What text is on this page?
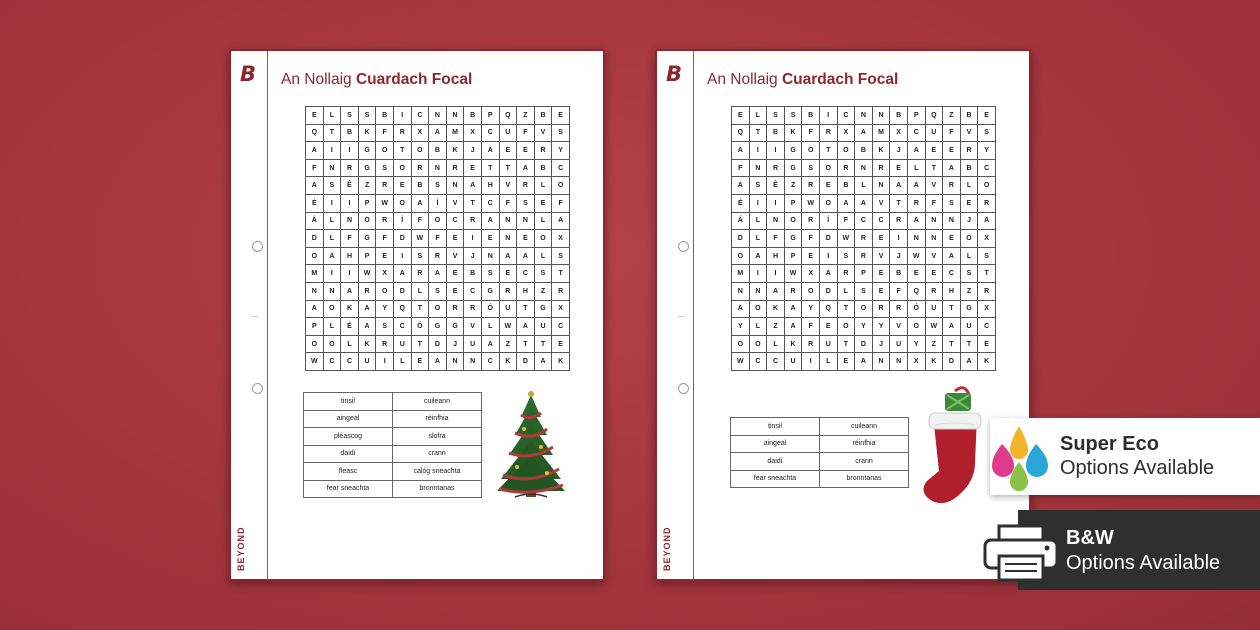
B
BEYOND
An Nollaig Cuardach Focal
E	L	S	S	B	I	C	N	N	B	P	Q	Z	B	E
Q	T	B	K	F	R	X	A	M	X	C	U	F	V	S
A	I	I	G	O	T	O	B	K	J	A	E	E	R	Y
F	N	R	G	S	O	R	N	R	E	T	T	A	B	C
A	S	Ê	Z	R	E	B	S	N	A	H	V	R	L	O
É	I	I	P	W	O	A	Í	V	T	C	F	S	E	F
Á	L	N	O	R	Í	F	O	C	R	A	N	N	L	A
D	L	F	G	F	D	W	F	E	I	E	N	E	O	X
O	A	H	P	E	I	S	R	V	J	N	A	A	L	S
M	I	I	W	X	A	R	A	E	B	S	E	C	S	T
N	N	A	R	O	D	L	S	E	C	G	R	H	Z	R
A	O	K	A	Y	Q	T	O	R	R	Ó	U	T	G	X
P	L	É	A	S	C	Ó	G	G	V	L	W	A	U	C
O	O	L	K	R	U	T	D	J	U	A	Z	T	T	E
W	C	C	U	I	L	E	A	N	N	C	K	D	A	K
tinsil	cuileann
aingeal	réinfhia
pléascog	slofra
daidí	crann
fleasc	calóg sneachta
fear sneachta	bronntanas
B
BEYOND
An Nollaig Cuardach Focal
E	L	S	S	B	I	C	N	N	B	P	Q	Z	B	E
Q	T	B	K	F	R	X	A	M	X	C	U	F	V	S
A	I	I	G	O	T	O	B	K	J	A	E	E	R	Y
F	N	R	G	S	O	R	N	R	E	L	T	A	B	C
A	S	Ê	Z	R	E	B	L	N	A	A	V	R	L	O
É	I	I	P	W	O	A	A	V	T	R	F	S	E	R
Á	L	N	O	R	Í	F	C	C	R	A	N	N	J	A
D	L	F	G	F	D	W	R	E	I	N	N	E	O	X
O	A	H	P	E	I	S	R	V	J	W	V	A	L	S
M	I	I	W	X	A	R	P	E	B	E	E	C	S	T
N	N	A	R	O	D	L	S	E	F	Q	R	H	Z	R
A	O	K	A	Y	Q	T	O	R	R	Ó	U	T	G	X
Y	L	Z	A	F	E	O	Y	Y	V	O	W	A	U	C
O	O	L	K	R	U	T	D	J	U	Y	Z	T	T	E
W	C	C	U	I	L	E	A	N	N	X	K	D	A	K
tinsil	cuileann
aingeal	réinfhia
daidí	crann
fear sneachta	bronntanas
Super Eco
Options Available
B&W
Options Available
